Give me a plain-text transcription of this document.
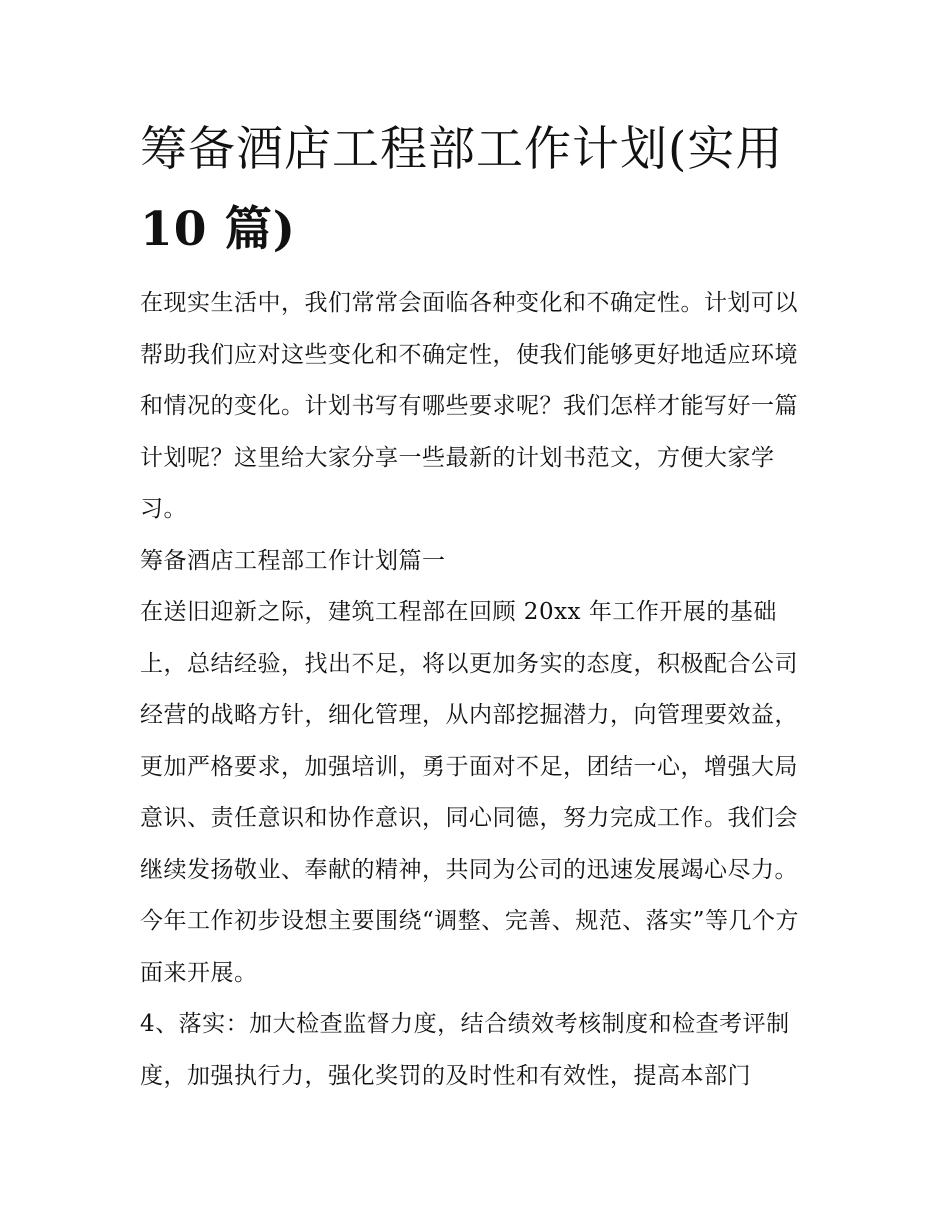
筹备酒店工程部工作计划(实用
10 篇)

在现实生活中，我们常常会面临各种变化和不确定性。计划可以帮助我们应对这些变化和不确定性，使我们能够更好地适应环境和情况的变化。计划书写有哪些要求呢？我们怎样才能写好一篇计划呢？这里给大家分享一些最新的计划书范文，方便大家学习。

筹备酒店工程部工作计划篇一

在送旧迎新之际，建筑工程部在回顾 20xx 年工作开展的基础上，总结经验，找出不足，将以更加务实的态度，积极配合公司经营的战略方针，细化管理，从内部挖掘潜力，向管理要效益，更加严格要求，加强培训，勇于面对不足，团结一心，增强大局意识、责任意识和协作意识，同心同德，努力完成工作。我们会继续发扬敬业、奉献的精神，共同为公司的迅速发展竭心尽力。今年工作初步设想主要围绕“调整、完善、规范、落实”等几个方面来开展。

4、落实：加大检查监督力度，结合绩效考核制度和检查考评制度，加强执行力，强化奖罚的及时性和有效性，提高本部门
